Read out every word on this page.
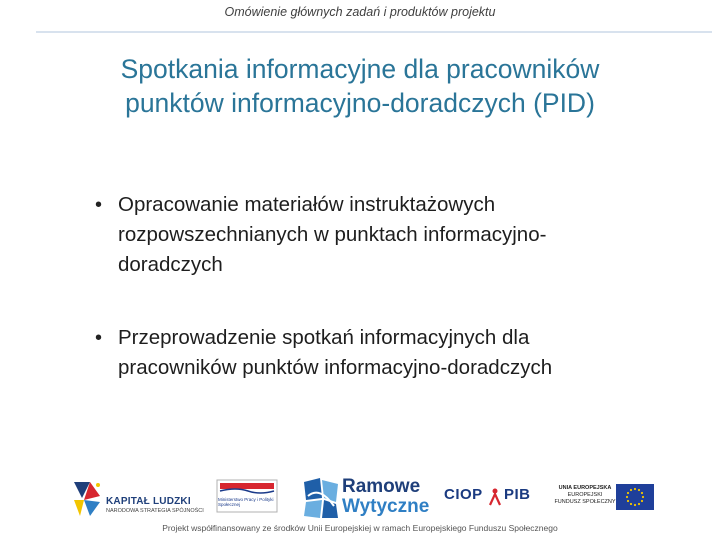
Omówienie głównych zadań i produktów projektu
Spotkania informacyjne dla pracowników
punktów informacyjno-doradczych (PID)
• Opracowanie materiałów instruktażowych
rozpowszechnianych w punktach informacyjno-
doradczych
• Przeprowadzenie spotkań informacyjnych dla
pracowników punktów informacyjno-doradczych
KAPITAŁ LUDZKI
NARODOWA STRATEGIA SPÓJNOŚCI
Ministerstwo Pracy i Polityki Społecznej
Ramowe
Wytyczne
CIOP PIB	UNIA EUROPEJSKA
EUROPEJSKI
FUNDUSZ SPOŁECZNY
Projekt współfinansowany ze środków Unii Europejskiej w ramach Europejskiego Funduszu Społecznego
